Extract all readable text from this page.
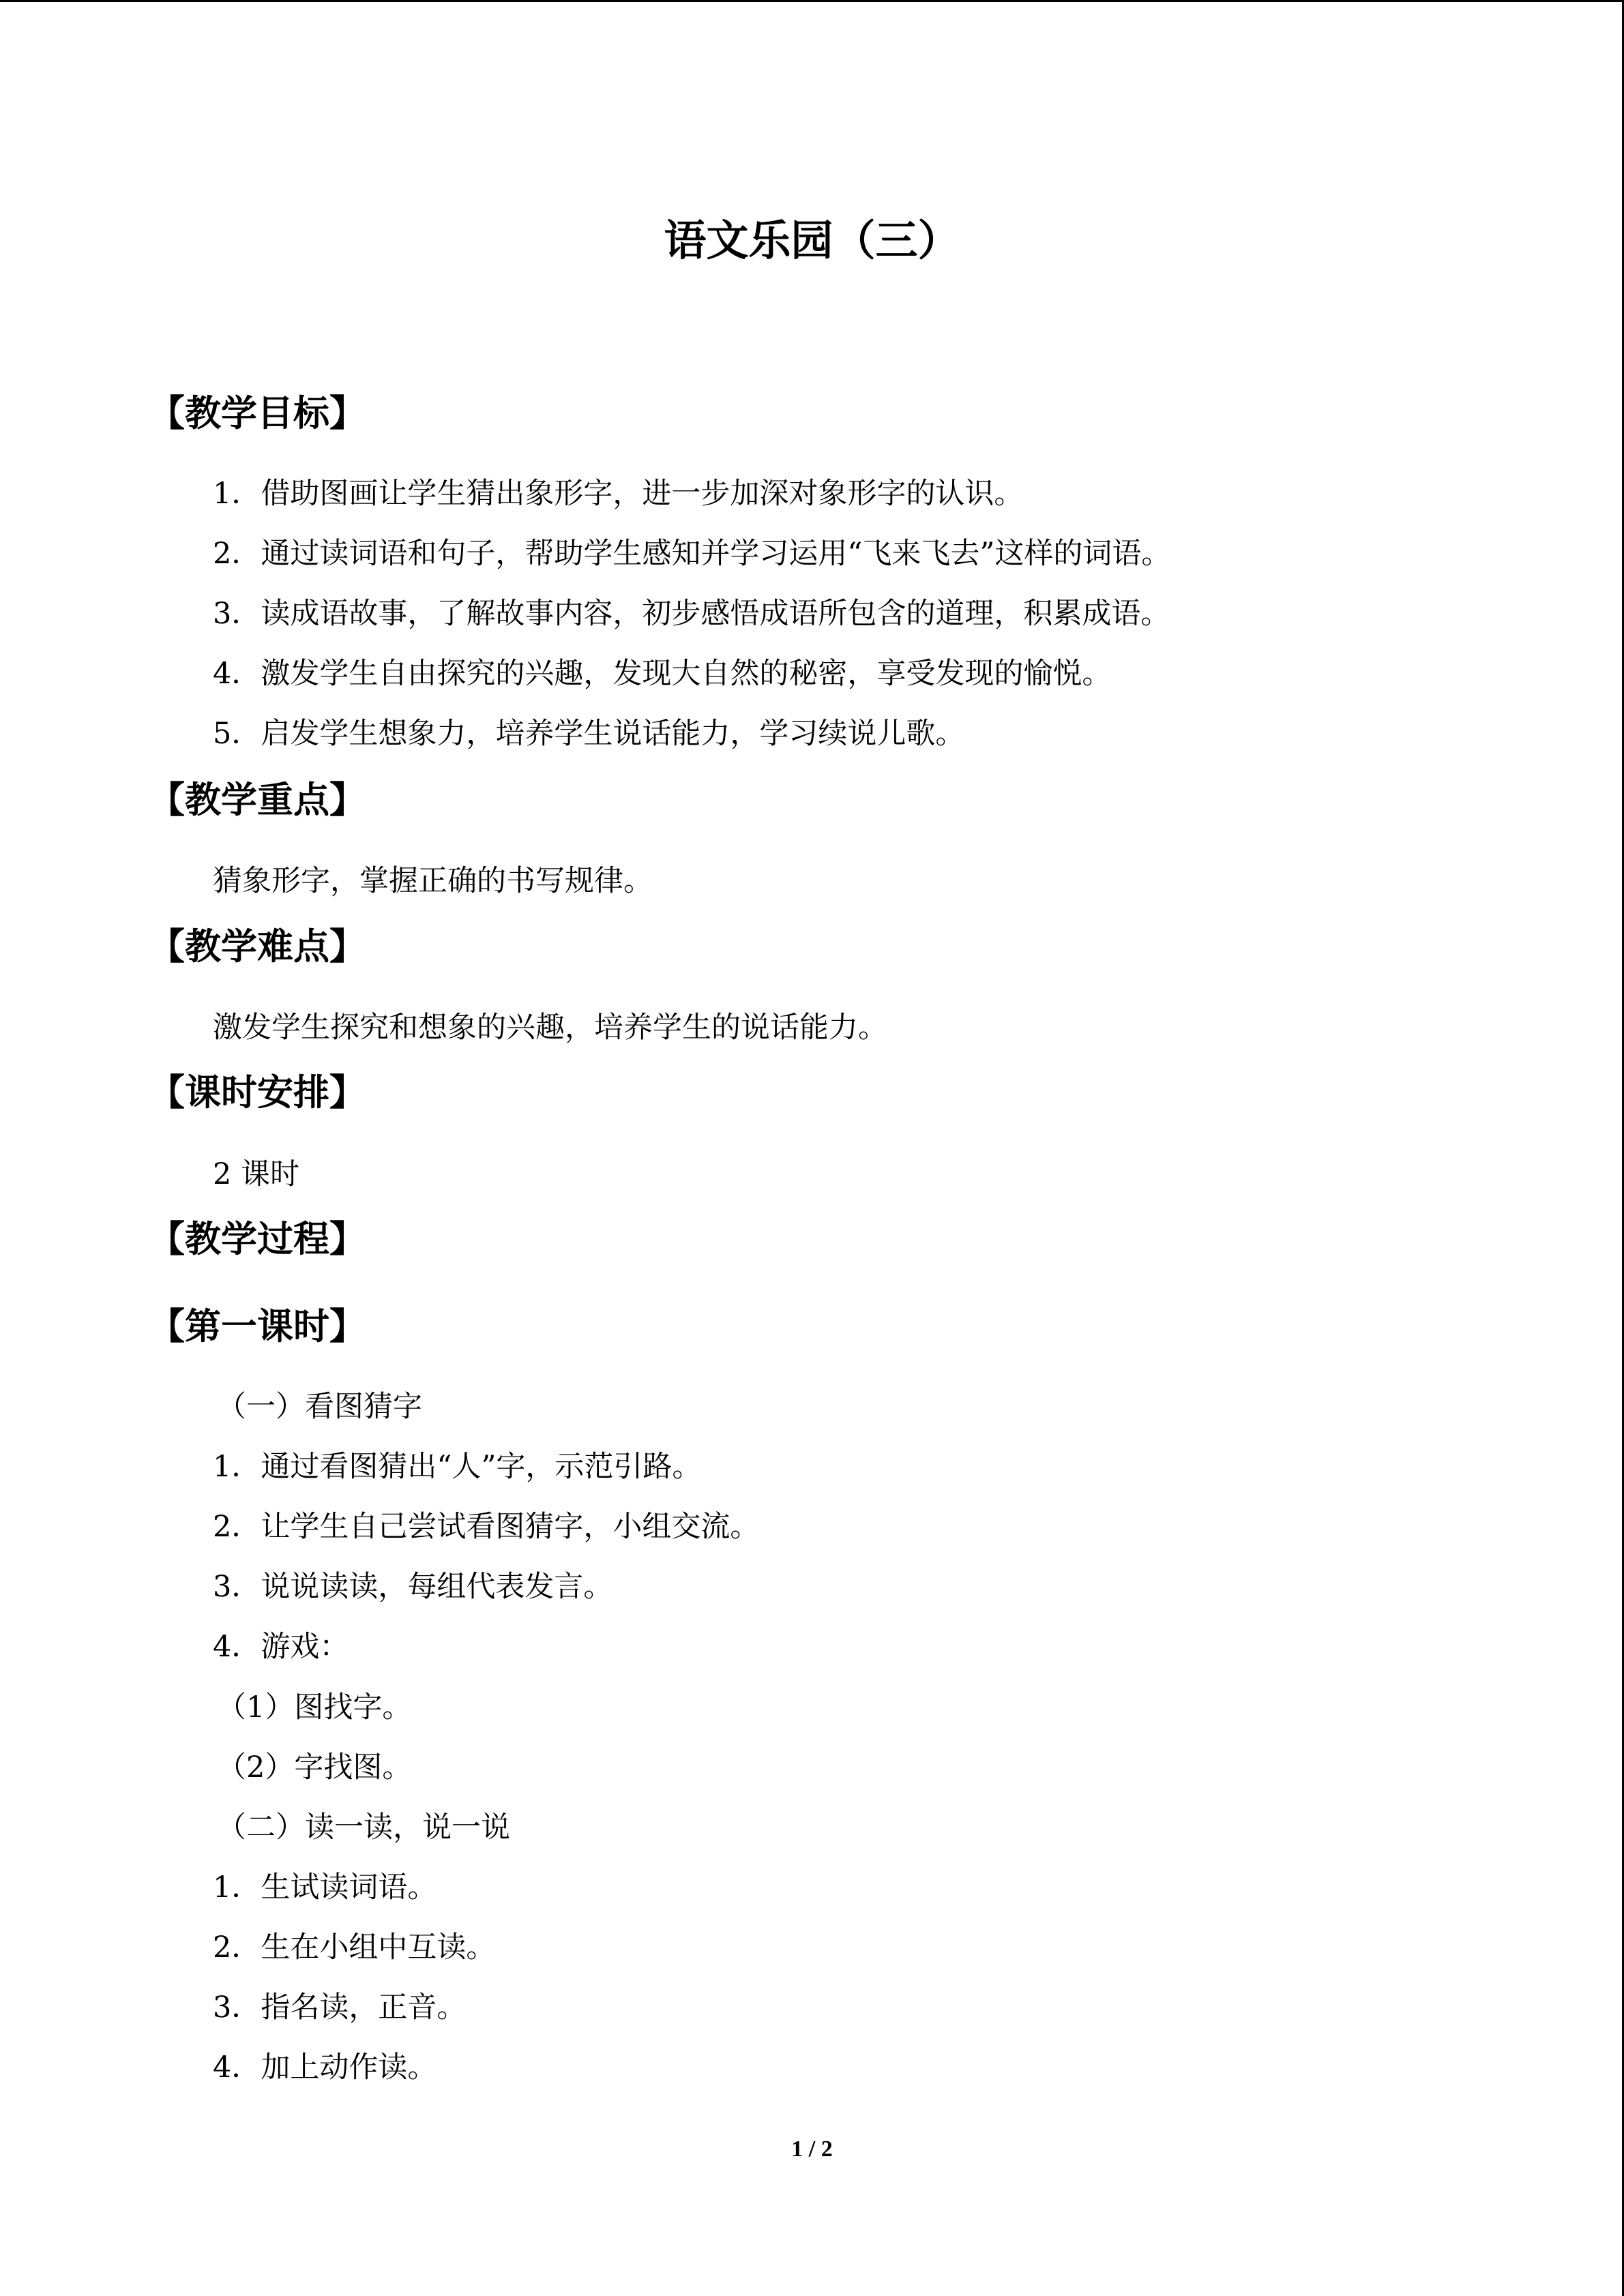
语文乐园（三）
【教学目标】
1．借助图画让学生猜出象形字，进一步加深对象形字的认识。
2．通过读词语和句子，帮助学生感知并学习运用“飞来飞去”这样的词语。
3．读成语故事，了解故事内容，初步感悟成语所包含的道理，积累成语。
4．激发学生自由探究的兴趣，发现大自然的秘密，享受发现的愉悦。
5．启发学生想象力，培养学生说话能力，学习续说儿歌。
【教学重点】
猜象形字，掌握正确的书写规律。
【教学难点】
激发学生探究和想象的兴趣，培养学生的说话能力。
【课时安排】
2 课时
【教学过程】
【第一课时】
（一）看图猜字
1．通过看图猜出“人”字，示范引路。
2．让学生自己尝试看图猜字，小组交流。
3．说说读读，每组代表发言。
4．游戏：
（1）图找字。
（2）字找图。
（二）读一读，说一说
1．生试读词语。
2．生在小组中互读。
3．指名读，正音。
4．加上动作读。
1 / 2
